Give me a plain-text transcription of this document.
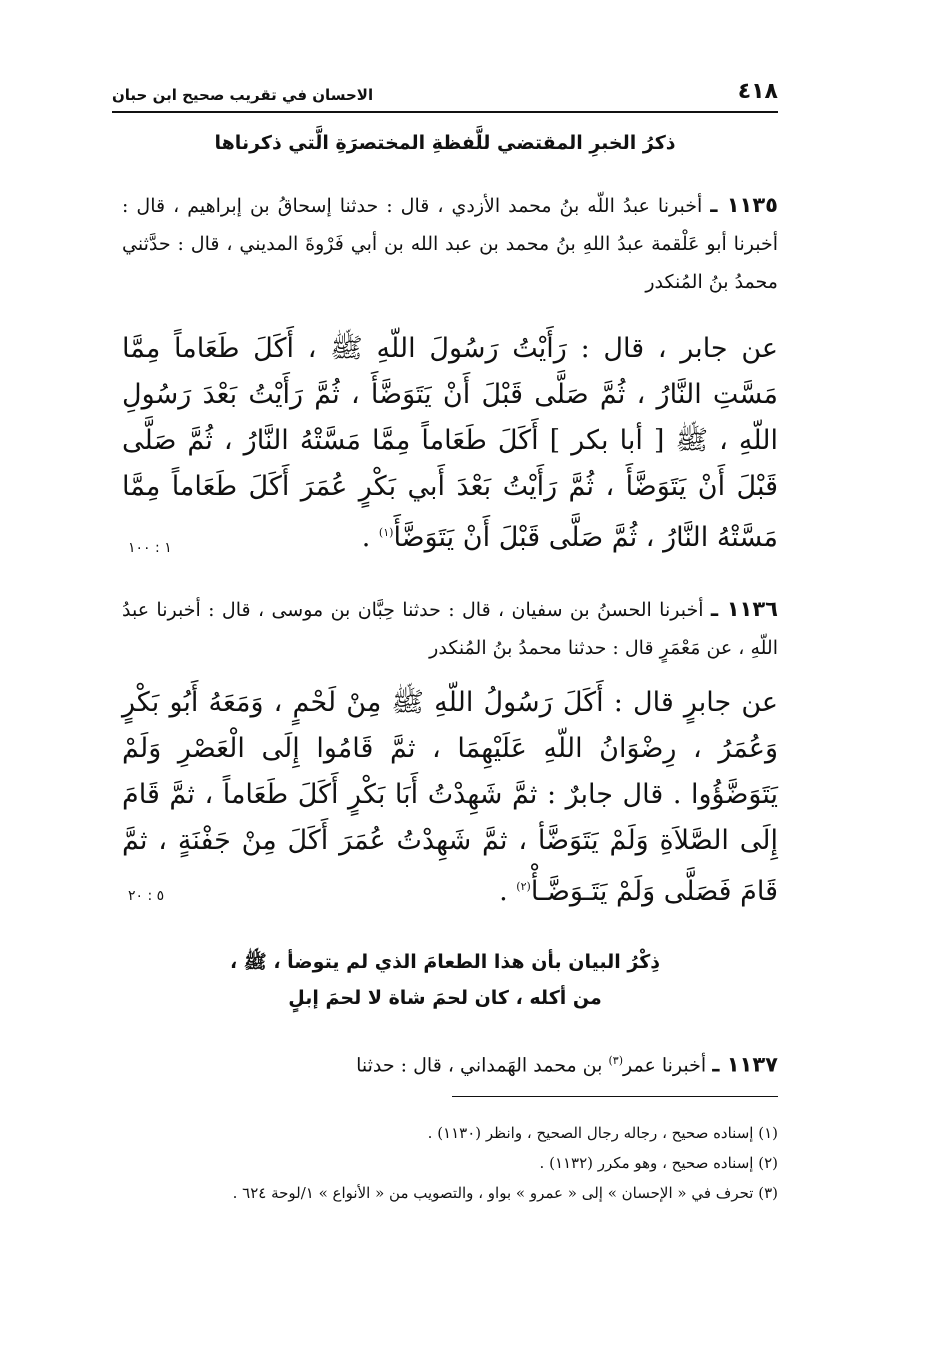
٤١٨
الاحسان في تقريب صحيح ابن حبان
ذكرُ الخبرِ المقتضي للَّفظةِ المختصرَةِ الَّتي ذكرناها
١١٣٥ ـ أخبرنا عبدُ اللّه بنُ محمد الأزدي ، قال : حدثنا إسحاقُ بن إبراهيم ، قال : أخبرنا أبو عَلْقمة عبدُ اللهِ بنُ محمد بن عبد الله بن أبي فَرْوةَ المديني ، قال : حدَّثني محمدُ بنُ المُنكدر
عن جابر ، قال : رَأَيْتُ رَسُولَ اللّهِ ﷺ ، أَكَلَ طَعَاماً مِمَّا مَسَّتِ النَّارُ ، ثُمَّ صَلَّى قَبْلَ أَنْ يَتَوَضَّأَ ، ثُمَّ رَأَيْتُ بَعْدَ رَسُولِ اللّهِ ، ﷺ [ أبا بكر ] أَكَلَ طَعَاماً مِمَّا مَسَّتْهُ النَّارُ ، ثُمَّ صَلَّى قَبْلَ أَنْ يَتَوَضَّأَ ، ثُمَّ رَأَيْتُ بَعْدَ أَبي بَكْرٍ عُمَرَ أَكَلَ طَعَاماً مِمَّا مَسَّتْهُ النَّارُ ، ثُمَّ صَلَّى قَبْلَ أَنْ يَتَوَضَّأَ$^{(١)}$ .
١ : ١٠٠
١١٣٦ ـ أخبرنا الحسنُ بن سفيان ، قال : حدثنا حِبَّان بن موسى ، قال : أخبرنا عبدُ اللّهِ ، عن مَعْمَرٍ قال : حدثنا محمدُ بنُ المُنكدر
عن جابرٍ قال : أَكَلَ رَسُولُ اللّهِ ﷺ مِنْ لَحْمٍ ، وَمَعَهُ أَبُو بَكْرٍ وَعُمَرُ ، رِضْوَانُ اللّهِ عَلَيْهِمَا ، ثمَّ قَامُوا إِلَى الْعَصْرِ وَلَمْ يَتَوَضَّؤُوا . قال جابرٌ : ثمَّ شَهِدْتُ أَبَا بَكْرٍ أَكَلَ طَعَاماً ، ثمَّ قَامَ إِلَى الصَّلاَةِ وَلَمْ يَتَوَضَّأ ، ثمَّ شَهِدْتُ عُمَرَ أَكَلَ مِنْ جَفْنَةٍ ، ثمَّ قَامَ فَصَلَّى وَلَمْ يَتَـوَضَّـأْ$^{(٢)}$ .
٥ : ٢٠
ذِكْرُ البيان بأن هذا الطعامَ الذي لم يتوضأ ، ﷺ ،
من أكله ، كان لحمَ شاة لا لحمَ إبلٍ
١١٣٧ ـ أخبرنا عمر$^{(٣)}$ بن محمد الهَمداني ، قال : حدثنا

(١) إسناده صحيح ، رجاله رجال الصحيح ، وانظر (١١٣٠) .

(٢) إسناده صحيح ، وهو مكرر (١١٣٢) .

(٣) تحرف في « الإحسان » إلى « عمرو » بواو ، والتصويب من « الأنواع » ١/لوحة ٦٢٤ .
